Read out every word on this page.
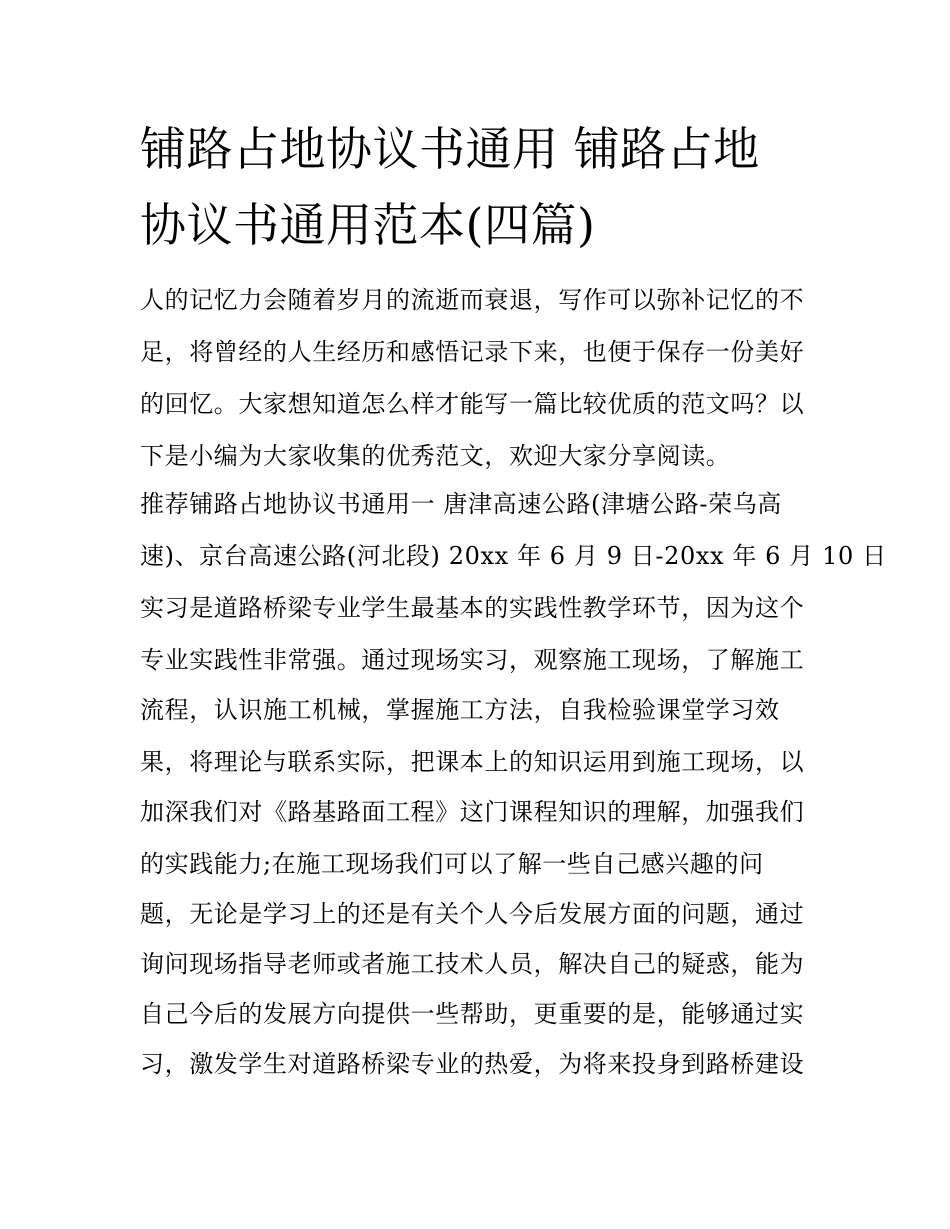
铺路占地协议书通用 铺路占地
协议书通用范本(四篇)

人的记忆力会随着岁月的流逝而衰退，写作可以弥补记忆的不

足，将曾经的人生经历和感悟记录下来，也便于保存一份美好

的回忆。大家想知道怎么样才能写一篇比较优质的范文吗？以

下是小编为大家收集的优秀范文，欢迎大家分享阅读。

推荐铺路占地协议书通用一 唐津高速公路(津塘公路-荣乌高

速)、京台高速公路(河北段) 20xx 年 6 月 9 日-20xx 年 6 月 10 日

实习是道路桥梁专业学生最基本的实践性教学环节，因为这个

专业实践性非常强。通过现场实习，观察施工现场，了解施工

流程，认识施工机械，掌握施工方法，自我检验课堂学习效

果，将理论与联系实际，把课本上的知识运用到施工现场，以

加深我们对《路基路面工程》这门课程知识的理解，加强我们

的实践能力;在施工现场我们可以了解一些自己感兴趣的问

题，无论是学习上的还是有关个人今后发展方面的问题，通过

询问现场指导老师或者施工技术人员，解决自己的疑惑，能为

自己今后的发展方向提供一些帮助，更重要的是，能够通过实

习，激发学生对道路桥梁专业的热爱，为将来投身到路桥建设
